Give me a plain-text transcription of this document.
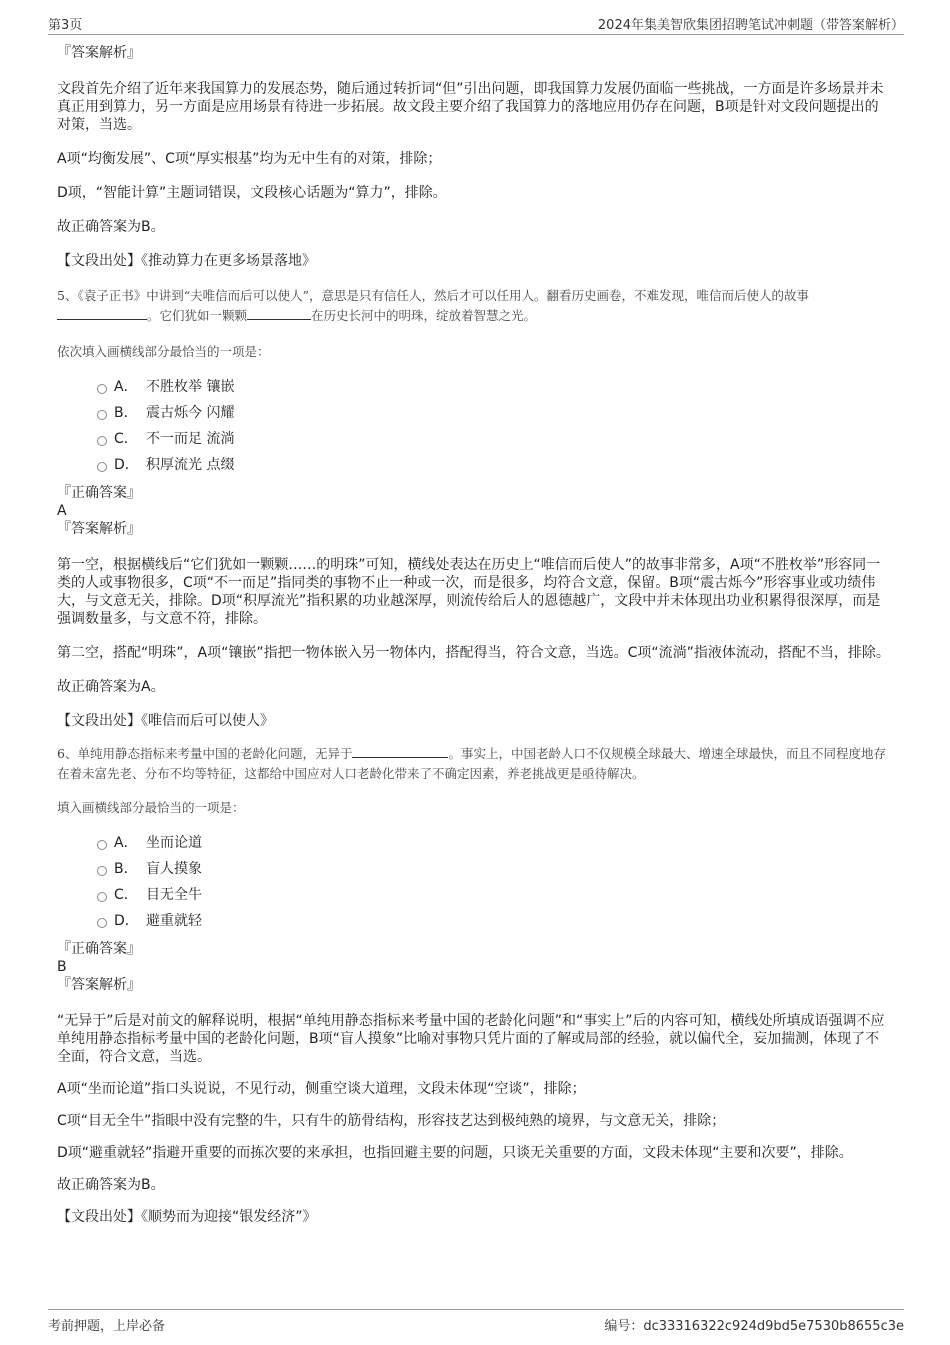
第3页	2024年集美智欣集团招聘笔试冲刺题（带答案解析）

『答案解析』

文段首先介绍了近年来我国算力的发展态势，随后通过转折词“但”引出问题，即我国算力发展仍面临一些挑战，一方面是许多场景并未真正用到算力，另一方面是应用场景有待进一步拓展。故文段主要介绍了我国算力的落地应用仍存在问题，B项是针对文段问题提出的对策，当选。

A项“均衡发展”、C项“厚实根基”均为无中生有的对策，排除；

D项，“智能计算”主题词错误，文段核心话题为“算力”，排除。

故正确答案为B。

【文段出处】《推动算力在更多场景落地》

5、《袁子正书》中讲到“夫唯信而后可以使人”，意思是只有信任人，然后才可以任用人。翻看历史画卷，不难发现，唯信而后使人的故事
。它们犹如一颗颗	在历史长河中的明珠，绽放着智慧之光。

依次填入画横线部分最恰当的一项是：

A． 不胜枚举 镶嵌
B． 震古烁今 闪耀
C． 不一而足 流淌
D． 积厚流光 点缀

『正确答案』

A

『答案解析』

第一空，根据横线后“它们犹如一颗颗……的明珠”可知，横线处表达在历史上“唯信而后使人”的故事非常多，A项“不胜枚举”形容同一类的人或事物很多，C项“不一而足”指同类的事物不止一种或一次，而是很多，均符合文意，保留。B项“震古烁今”形容事业或功绩伟大，与文意无关，排除。D项“积厚流光”指积累的功业越深厚，则流传给后人的恩德越广，文段中并未体现出功业积累得很深厚，而是强调数量多，与文意不符，排除。

第二空，搭配“明珠”，A项“镶嵌”指把一物体嵌入另一物体内，搭配得当，符合文意，当选。C项“流淌”指液体流动，搭配不当，排除。

故正确答案为A。

【文段出处】《唯信而后可以使人》

6、单纯用静态指标来考量中国的老龄化问题，无异于	。事实上，中国老龄人口不仅规模全球最大、增速全球最快，而且不同程度地存在着未富先老、分布不均等特征，这都给中国应对人口老龄化带来了不确定因素，养老挑战更是亟待解决。

填入画横线部分最恰当的一项是：

A． 坐而论道
B． 盲人摸象
C． 目无全牛
D． 避重就轻

『正确答案』

B

『答案解析』

“无异于”后是对前文的解释说明，根据“单纯用静态指标来考量中国的老龄化问题”和“事实上”后的内容可知，横线处所填成语强调不应单纯用静态指标考量中国的老龄化问题，B项“盲人摸象”比喻对事物只凭片面的了解或局部的经验，就以偏代全，妄加揣测，体现了不全面，符合文意，当选。

A项“坐而论道”指口头说说，不见行动，侧重空谈大道理，文段未体现“空谈”，排除；

C项“目无全牛”指眼中没有完整的牛，只有牛的筋骨结构，形容技艺达到极纯熟的境界，与文意无关，排除；

D项“避重就轻”指避开重要的而拣次要的来承担，也指回避主要的问题，只谈无关重要的方面，文段未体现“主要和次要”，排除。

故正确答案为B。

【文段出处】《顺势而为迎接“银发经济”》

考前押题，上岸必备	编号：dc33316322c924d9bd5e7530b8655c3e
